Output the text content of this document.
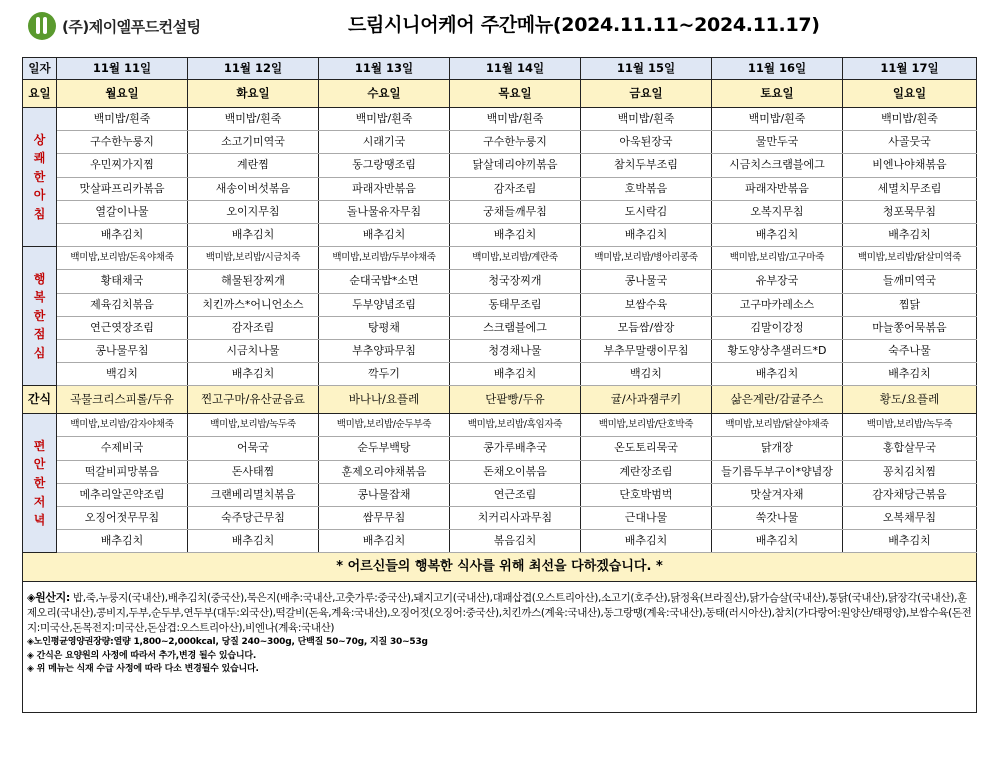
(주)제이엘푸드컨설팅	드림시니어케어 주간메뉴(2024.11.11~2024.11.17)
일자	11월 11일	11월 12일	11월 13일	11월 14일	11월 15일	11월 16일	11월 17일
요일	월요일	화요일	수요일	목요일	금요일	토요일	일요일
상
쾌
한
아
침	백미밥/흰죽	백미밥/흰죽	백미밥/흰죽	백미밥/흰죽	백미밥/흰죽	백미밥/흰죽	백미밥/흰죽
	구수한누룽지	소고기미역국	시래기국	구수한누룽지	아욱된장국	물만두국	사골뭇국
	우민찌가지찜	계란찜	동그랑땡조림	닭살데리야끼볶음	참치두부조림	시금치스크램블에그	비엔나야채볶음
	맛살파프리카볶음	새송이버섯볶음	파래자반볶음	감자조림	호박볶음	파래자반볶음	세멸치무조림
	열갈이나물	오이지무침	돌나물유자무침	궁채들깨무침	도시락김	오복지무침	청포묵무침
	배추김치	배추김치	배추김치	배추김치	배추김치	배추김치	배추김치
행
복
한
점
심	백미밥,보리밥/돈육야채죽	백미밥,보리밥/시금치죽	백미밥,보리밥/두부야채죽	백미밥,보리밥/계란죽	백미밥,보리밥/병아리콩죽	백미밥,보리밥/고구마죽	백미밥,보리밥/닭살미역죽
	황태채국	해물된장찌개	순대국밥*소면	청국장찌개	콩나물국	유부장국	들깨미역국
	제육김치볶음	치킨까스*어니언소스	두부양념조림	동태무조림	보쌈수육	고구마카레소스	찜닭
	연근엿장조림	감자조림	탕평채	스크램블에그	모듬쌈/쌈장	김말이강정	마늘쫑어묵볶음
	콩나물무침	시금치나물	부추양파무침	청경채나물	부추무말랭이무침	황도양상추샐러드*D	숙주나물
	백김치	배추김치	깍두기	배추김치	백김치	배추김치	배추김치
간식	곡물크리스피롤/두유	찐고구마/유산균음료	바나나/요플레	단팥빵/두유	귤/사과잼쿠키	삶은계란/감귤주스	황도/요플레
편
안
한
저
녁	백미밥,보리밥/감자야채죽	백미밥,보리밥/녹두죽	백미밥,보리밥/순두부죽	백미밥,보리밥/흑임자죽	백미밥,보리밥/단호박죽	백미밥,보리밥/닭살야채죽	백미밥,보리밥/녹두죽
	수제비국	어묵국	순두부백탕	콩가루배추국	온도토리묵국	닭개장	홍합살무국
	떡갈비피망볶음	돈사태찜	훈제오리야채볶음	돈채오이볶음	계란장조림	들기름두부구이*양념장	꽁치김치찜
	메추리알곤약조림	크랜베리멸치볶음	콩나물잡채	연근조림	단호박범벅	맛살겨자채	감자채당근볶음
	오징어젓무무침	숙주당근무침	쌈무무침	치커리사과무침	근대나물	쑥갓나물	오복채무침
	배추김치	배추김치	배추김치	볶음김치	배추김치	배추김치	배추김치
* 어르신들의 행복한 식사를 위해 최선을 다하겠습니다. *							

◈원산지: 밥,죽,누룽지(국내산),배추김치(중국산),묵은지(배추:국내산,고춧가루:중국산),돼지고기(국내산),대패삽겹(오스트리아산),소고기(호주산),닭정육(브라질산),닭가슴살(국내산),통닭(국내산),닭장각(국내산),훈제오리(국내산),콩비지,두부,순두부,연두부(대두:외국산),떡갈비(돈육,계육:국내산),오징어젓(오징어:중국산),치킨까스(계육:국내산),동그랑땡(계육:국내산),동태(러시아산),참치(가다랑어:원양산/태평양),보쌈수육(돈전지:미국산,돈목전지:미국산,돈삼겹:오스트리아산),비엔나(계육:국내산)
◈노인평균영양권장량:열량 1,800~2,000kcal, 당질 240~300g, 단백질 50~70g, 지질 30~53g
◈ 간식은 요양원의 사정에 따라서 추가,변경 될수 있습니다.
◈ 위 메뉴는 식재 수급 사정에 따라 다소 변경될수 있습니다.							
